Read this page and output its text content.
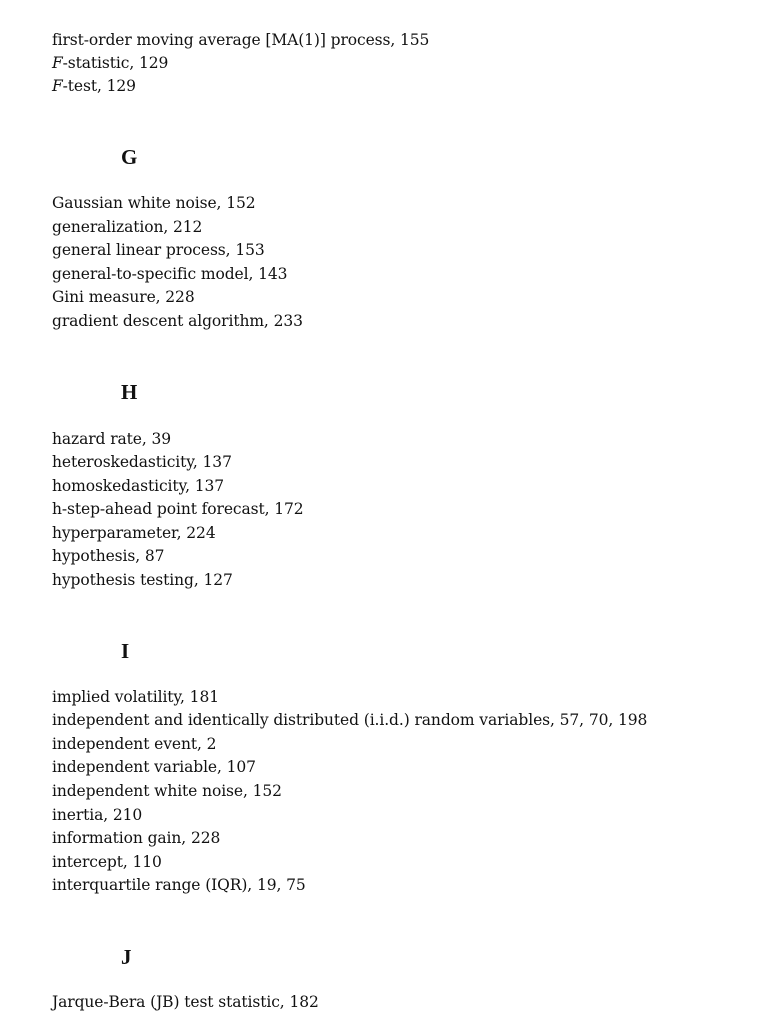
first-order moving average [MA(1)] process, 155
F-statistic, 129
F-test, 129
G
Gaussian white noise, 152
generalization, 212
general linear process, 153
general-to-specific model, 143
Gini measure, 228
gradient descent algorithm, 233
H
hazard rate, 39
heteroskedasticity, 137
homoskedasticity, 137
h-step-ahead point forecast, 172
hyperparameter, 224
hypothesis, 87
hypothesis testing, 127
I
implied volatility, 181
independent and identically distributed (i.i.d.) random variables, 57, 70, 198
independent event, 2
independent variable, 107
independent white noise, 152
inertia, 210
information gain, 228
intercept, 110
interquartile range (IQR), 19, 75
J
Jarque-Bera (JB) test statistic, 182
